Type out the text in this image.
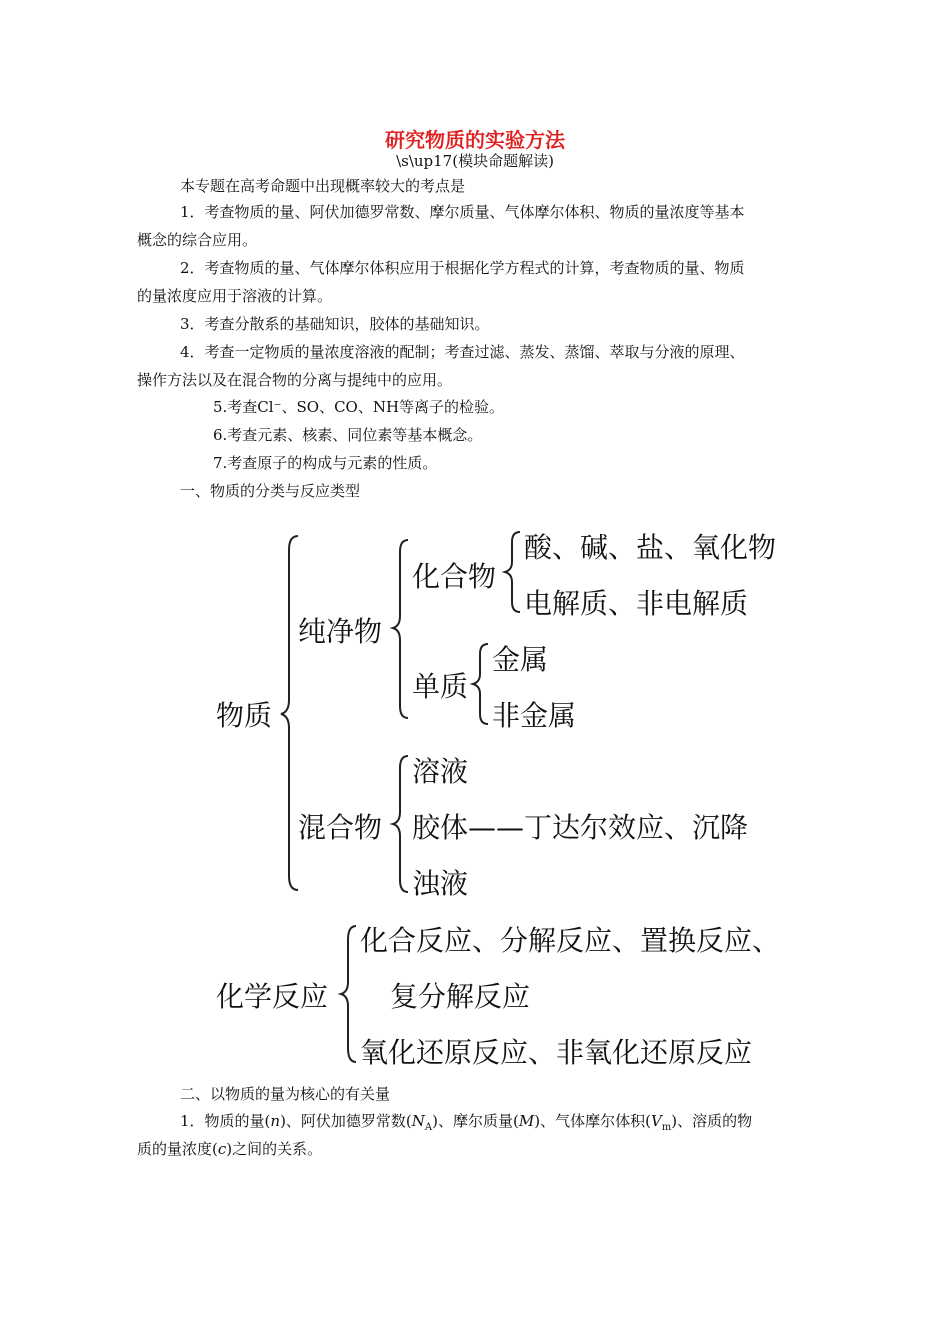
研究物质的实验方法
\s\up17(模块命题解读)
本专题在高考命题中出现概率较大的考点是
1．考查物质的量、阿伏加德罗常数、摩尔质量、气体摩尔体积、物质的量浓度等基本
概念的综合应用。
2．考查物质的量、气体摩尔体积应用于根据化学方程式的计算，考查物质的量、物质
的量浓度应用于溶液的计算。
3．考查分散系的基础知识，胶体的基础知识。
4．考查一定物质的量浓度溶液的配制；考查过滤、蒸发、蒸馏、萃取与分液的原理、
操作方法以及在混合物的分离与提纯中的应用。
5.考查Cl⁻、SO、CO、NH等离子的检验。
6.考查元素、核素、同位素等基本概念。
7.考查原子的构成与元素的性质。
一、物质的分类与反应类型
物质
纯净物
化合物
酸、碱、盐、氧化物
电解质、非电解质
单质
金属
非金属
混合物
溶液
胶体——丁达尔效应、沉降
浊液
化学反应
化合反应、分解反应、置换反应、
复分解反应
氧化还原反应、非氧化还原反应
二、以物质的量为核心的有关量
1．物质的量(n)、阿伏加德罗常数$(N_A)$、摩尔质量(M)、气体摩尔体积$(V_m)$、溶质的物
质的量浓度(c)之间的关系。
